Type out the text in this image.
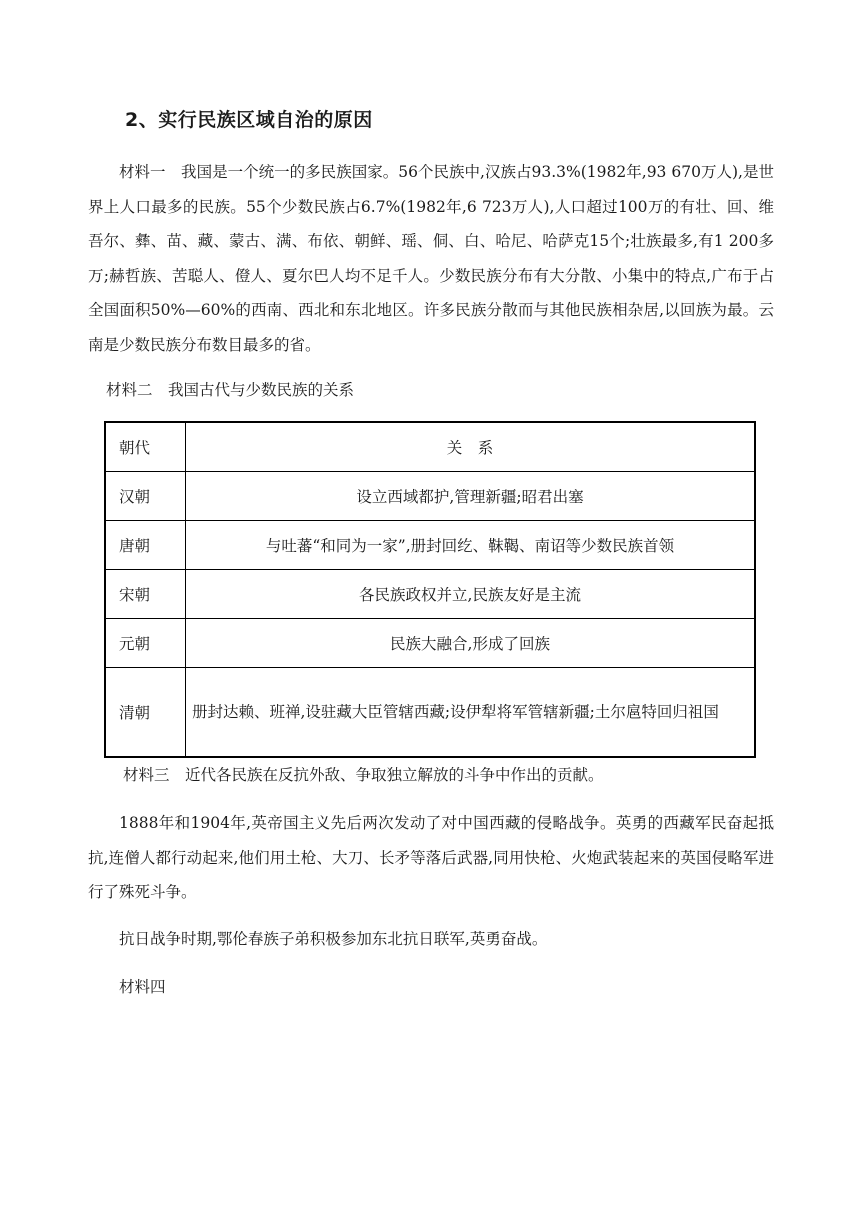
2、实行民族区域自治的原因

材料一　我国是一个统一的多民族国家。56个民族中,汉族占93.3%(1982年,93 670万人),是世界上人口最多的民族。55个少数民族占6.7%(1982年,6 723万人),人口超过100万的有壮、回、维吾尔、彝、苗、藏、蒙古、满、布依、朝鲜、瑶、侗、白、哈尼、哈萨克15个;壮族最多,有1 200多万;赫哲族、苦聪人、僜人、夏尔巴人均不足千人。少数民族分布有大分散、小集中的特点,广布于占全国面积50%—60%的西南、西北和东北地区。许多民族分散而与其他民族相杂居,以回族为最。云南是少数民族分布数目最多的省。

材料二　我国古代与少数民族的关系

朝代	关　系
汉朝	设立西域都护,管理新疆;昭君出塞
唐朝	与吐蕃“和同为一家”,册封回纥、靺鞨、南诏等少数民族首领
宋朝	各民族政权并立,民族友好是主流
元朝	民族大融合,形成了回族
清朝	册封达赖、班禅,设驻藏大臣管辖西藏;设伊犁将军管辖新疆;土尔扈特回归祖国

材料三　近代各民族在反抗外敌、争取独立解放的斗争中作出的贡献。

1888年和1904年,英帝国主义先后两次发动了对中国西藏的侵略战争。英勇的西藏军民奋起抵抗,连僧人都行动起来,他们用土枪、大刀、长矛等落后武器,同用快枪、火炮武装起来的英国侵略军进行了殊死斗争。

抗日战争时期,鄂伦春族子弟积极参加东北抗日联军,英勇奋战。

材料四
